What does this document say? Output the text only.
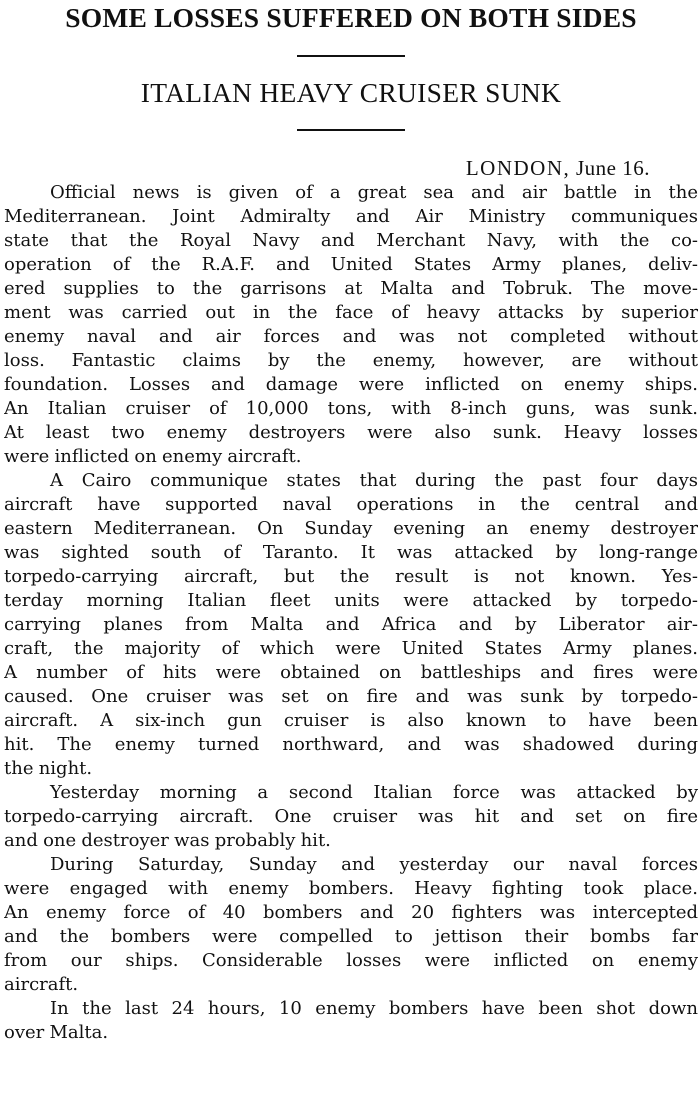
SOME LOSSES SUFFERED ON BOTH SIDES
ITALIAN HEAVY CRUISER SUNK

LONDON, June 16.

Official news is given of a great sea and air battle in the
Mediterranean. Joint Admiralty and Air Ministry communiques
state that the Royal Navy and Merchant Navy, with the co-
operation of the R.A.F. and United States Army planes, deliv-
ered supplies to the garrisons at Malta and Tobruk. The move-
ment was carried out in the face of heavy attacks by superior
enemy naval and air forces and was not completed without
loss. Fantastic claims by the enemy, however, are without
foundation. Losses and damage were inflicted on enemy ships.
An Italian cruiser of 10,000 tons, with 8-inch guns, was sunk.
At least two enemy destroyers were also sunk. Heavy losses
were inflicted on enemy aircraft.
A Cairo communique states that during the past four days
aircraft have supported naval operations in the central and
eastern Mediterranean. On Sunday evening an enemy destroyer
was sighted south of Taranto. It was attacked by long-range
torpedo-carrying aircraft, but the result is not known. Yes-
terday morning Italian fleet units were attacked by torpedo-
carrying planes from Malta and Africa and by Liberator air-
craft, the majority of which were United States Army planes.
A number of hits were obtained on battleships and fires were
caused. One cruiser was set on fire and was sunk by torpedo-
aircraft. A six-inch gun cruiser is also known to have been
hit. The enemy turned northward, and was shadowed during
the night.
Yesterday morning a second Italian force was attacked by
torpedo-carrying aircraft. One cruiser was hit and set on fire
and one destroyer was probably hit.
During Saturday, Sunday and yesterday our naval forces
were engaged with enemy bombers. Heavy fighting took place.
An enemy force of 40 bombers and 20 fighters was intercepted
and the bombers were compelled to jettison their bombs far
from our ships. Considerable losses were inflicted on enemy
aircraft.
In the last 24 hours, 10 enemy bombers have been shot down
over Malta.
